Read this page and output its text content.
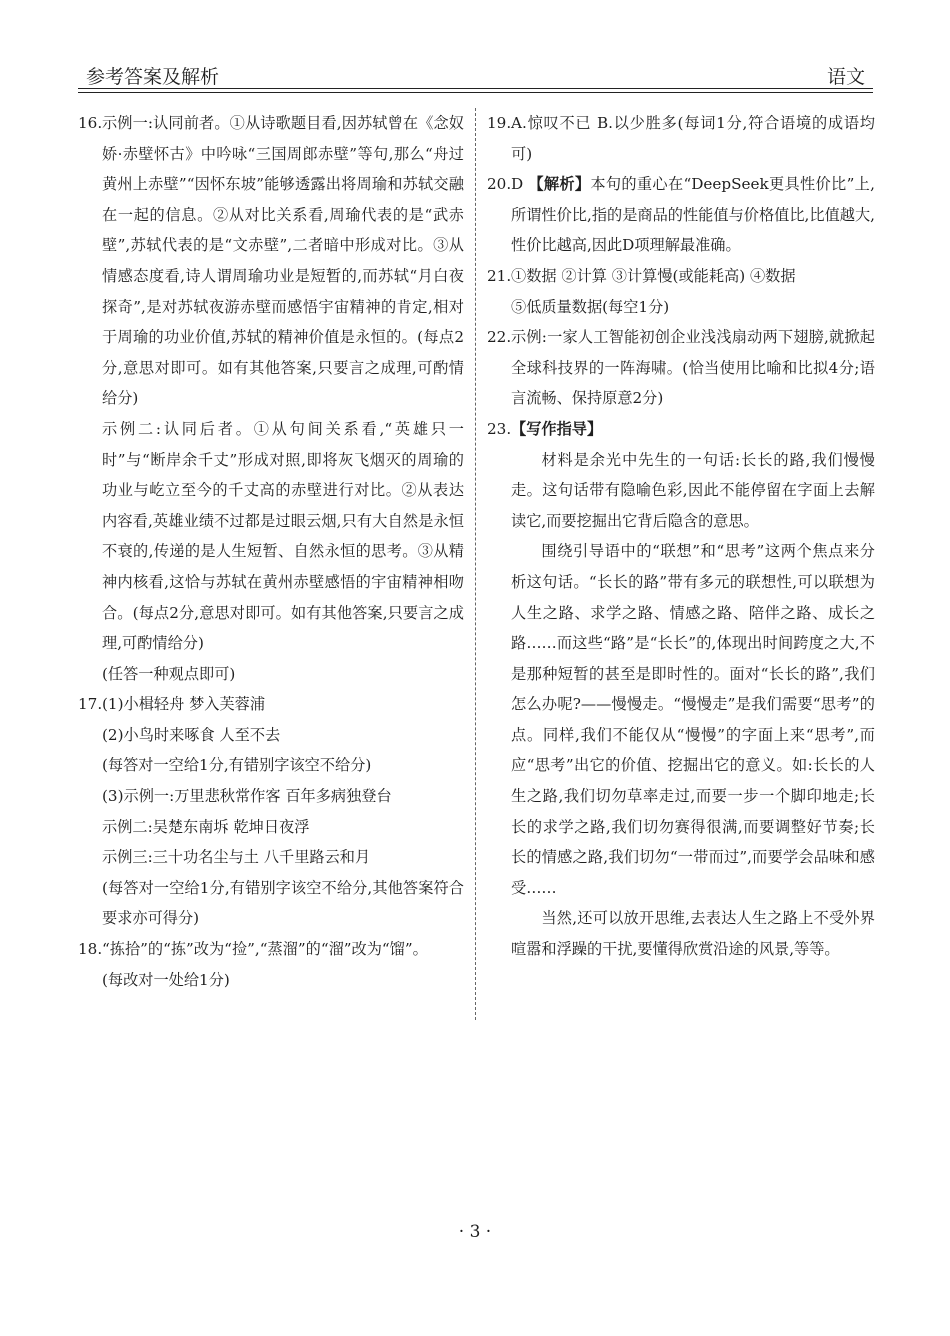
参考答案及解析	语文
16. 示例一:认同前者。①从诗歌题目看,因苏轼曾在《念奴娇·赤壁怀古》中吟咏“三国周郎赤壁”等句,那么“舟过黄州上赤壁”“因怀东坡”能够透露出将周瑜和苏轼交融在一起的信息。②从对比关系看,周瑜代表的是“武赤壁”,苏轼代表的是“文赤壁”,二者暗中形成对比。③从情感态度看,诗人谓周瑜功业是短暂的,而苏轼“月白夜探奇”,是对苏轼夜游赤壁而感悟宇宙精神的肯定,相对于周瑜的功业价值,苏轼的精神价值是永恒的。(每点2分,意思对即可。如有其他答案,只要言之成理,可酌情给分)
示例二:认同后者。①从句间关系看,“英雄只一时”与“断岸余千丈”形成对照,即将灰飞烟灭的周瑜的功业与屹立至今的千丈高的赤壁进行对比。②从表达内容看,英雄业绩不过都是过眼云烟,只有大自然是永恒不衰的,传递的是人生短暂、自然永恒的思考。③从精神内核看,这恰与苏轼在黄州赤壁感悟的宇宙精神相吻合。(每点2分,意思对即可。如有其他答案,只要言之成理,可酌情给分)
(任答一种观点即可)
17. (1)小楫轻舟 梦入芙蓉浦
(2)小鸟时来啄食 人至不去
(每答对一空给1分,有错别字该空不给分)
(3)示例一:万里悲秋常作客 百年多病独登台
示例二:吴楚东南坼 乾坤日夜浮
示例三:三十功名尘与土 八千里路云和月
(每答对一空给1分,有错别字该空不给分,其他答案符合要求亦可得分)
18. “拣拾”的“拣”改为“捡”,“蒸溜”的“溜”改为“馏”。
(每改对一处给1分)
19. A.惊叹不已 B.以少胜多(每词1分,符合语境的成语均可)
20. D 【解析】本句的重心在“DeepSeek更具性价比”上,所谓性价比,指的是商品的性能值与价格值比,比值越大,性价比越高,因此D项理解最准确。
21. ①数据 ②计算 ③计算慢(或能耗高) ④数据
⑤低质量数据(每空1分)
22. 示例:一家人工智能初创企业浅浅扇动两下翅膀,就掀起全球科技界的一阵海啸。(恰当使用比喻和比拟4分;语言流畅、保持原意2分)
23. 【写作指导】
材料是余光中先生的一句话:长长的路,我们慢慢走。这句话带有隐喻色彩,因此不能停留在字面上去解读它,而要挖掘出它背后隐含的意思。
围绕引导语中的“联想”和“思考”这两个焦点来分析这句话。“长长的路”带有多元的联想性,可以联想为人生之路、求学之路、情感之路、陪伴之路、成长之路……而这些“路”是“长长”的,体现出时间跨度之大,不是那种短暂的甚至是即时性的。面对“长长的路”,我们怎么办呢?——慢慢走。“慢慢走”是我们需要“思考”的点。同样,我们不能仅从“慢慢”的字面上来“思考”,而应“思考”出它的价值、挖掘出它的意义。如:长长的人生之路,我们切勿草率走过,而要一步一个脚印地走;长长的求学之路,我们切勿赛得很满,而要调整好节奏;长长的情感之路,我们切勿“一带而过”,而要学会品味和感受……
当然,还可以放开思维,去表达人生之路上不受外界喧嚣和浮躁的干扰,要懂得欣赏沿途的风景,等等。
· 3 ·
